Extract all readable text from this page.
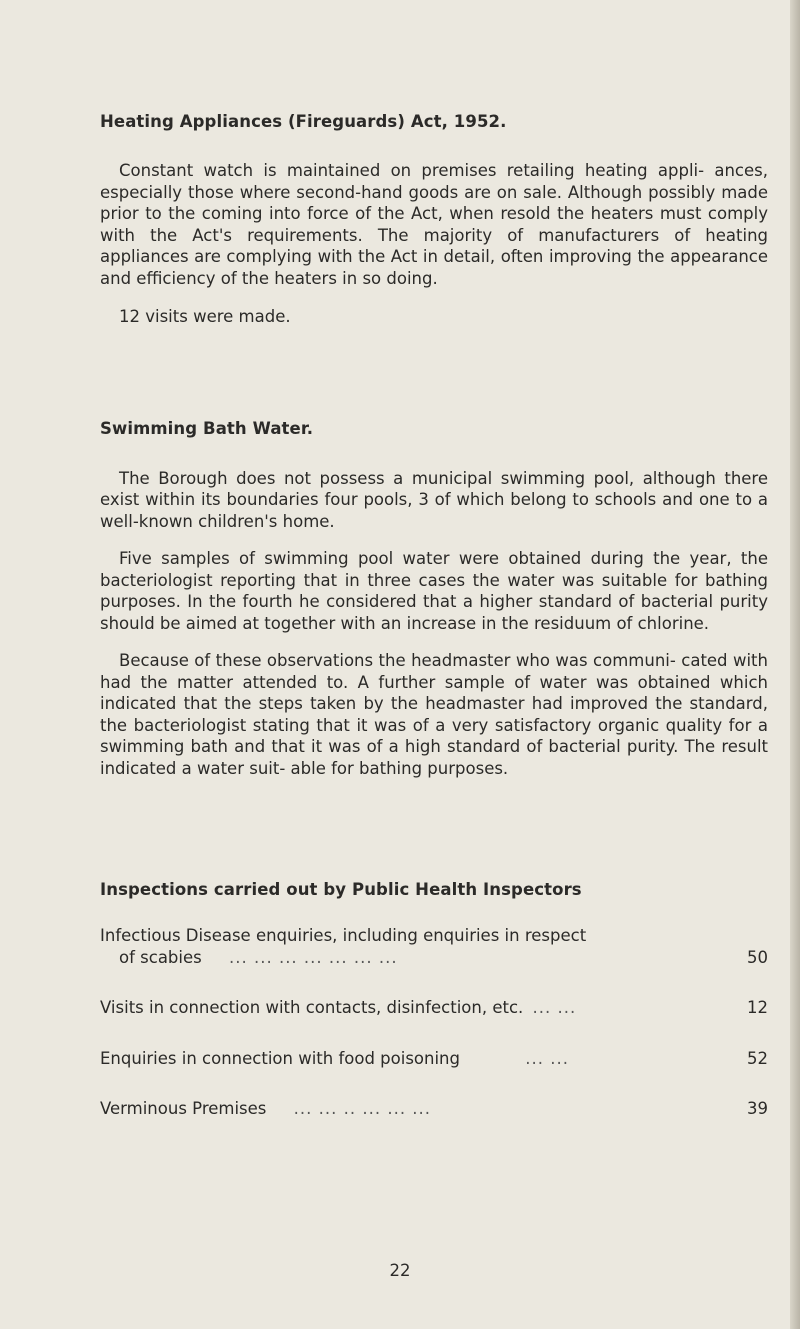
Heating Appliances (Fireguards) Act, 1952.

Constant watch is maintained on premises retailing heating appli- ances, especially those where second-hand goods are on sale. Although possibly made prior to the coming into force of the Act, when resold the heaters must comply with the Act's requirements. The majority of manufacturers of heating appliances are complying with the Act in detail, often improving the appearance and efficiency of the heaters in so doing.

12 visits were made.

Swimming Bath Water.

The Borough does not possess a municipal swimming pool, although there exist within its boundaries four pools, 3 of which belong to schools and one to a well-known children's home.

Five samples of swimming pool water were obtained during the year, the bacteriologist reporting that in three cases the water was suitable for bathing purposes. In the fourth he considered that a higher standard of bacterial purity should be aimed at together with an increase in the residuum of chlorine.

Because of these observations the headmaster who was communi- cated with had the matter attended to. A further sample of water was obtained which indicated that the steps taken by the headmaster had improved the standard, the bacteriologist stating that it was of a very satisfactory organic quality for a swimming bath and that it was of a high standard of bacterial purity. The result indicated a water suit- able for bathing purposes.

Inspections carried out by Public Health Inspectors
Infectious Disease enquiries, including enquiries in respect
of scabies ... ... ... ... ... ... ...	50
Visits in connection with contacts, disinfection, etc. ... ...	12
Enquiries in connection with food poisoning	... ...	52
Verminous Premises ... ... .. ... ... ...	39
22
